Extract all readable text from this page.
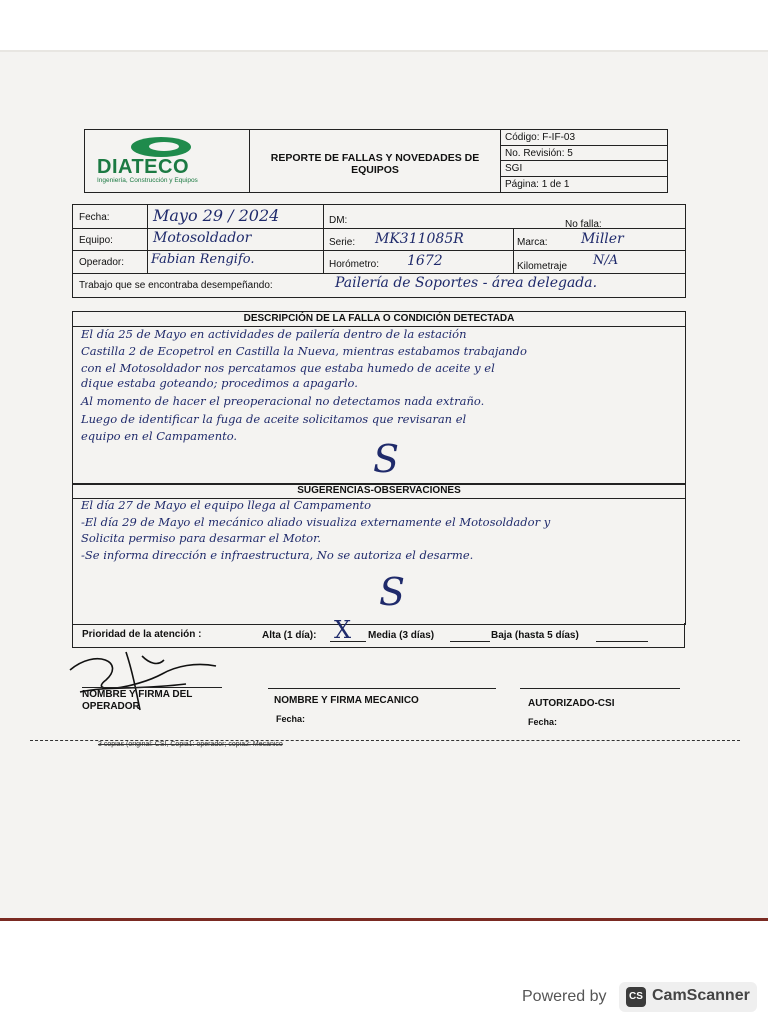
DIATECO
Ingeniería, Construcción y Equipos
REPORTE DE FALLAS Y NOVEDADES DE EQUIPOS
Código: F-IF-03
No. Revisión: 5
SGI
Página: 1 de 1
Fecha:	Mayo 29 / 2024	DM:	No falla:
Equipo:	Motosoldador	Serie: MK311085R	Marca: Miller
Operador: Fabian Rengifo.	Horómetro: 1672	Kilometraje N/A
Trabajo que se encontraba desempeñando:	Pailería de Soportes - área delegada.
DESCRIPCIÓN DE LA FALLA O CONDICIÓN DETECTADA
El día 25 de Mayo en actividades de pailería dentro de la estación
Castilla 2 de Ecopetrol en Castilla la Nueva, mientras estabamos trabajando
con el Motosoldador nos percatamos que estaba humedo de aceite y el
dique estaba goteando; procedimos a apagarlo.
Al momento de hacer el preoperacional no detectamos nada extraño.
Luego de identificar la fuga de aceite solicitamos que revisaran el
equipo en el Campamento.
S
SUGERENCIAS-OBSERVACIONES
El día 27 de Mayo el equipo llega al Campamento
-El día 29 de Mayo el mecánico aliado visualiza externamente el Motosoldador y
Solicita permiso para desarmar el Motor.
-Se informa dirección e infraestructura, No se autoriza el desarme.
S
Prioridad de la atención :	Alta (1 día): X Media (3 días)	Baja (hasta 5 días)
NOMBRE Y FIRMA DEL OPERADOR
NOMBRE Y FIRMA MECANICO
Fecha:
AUTORIZADO-CSI
Fecha:
3 copias (original: CSI, Copia1: operador; copia2: Mecánico
Powered by	CS CamScanner
